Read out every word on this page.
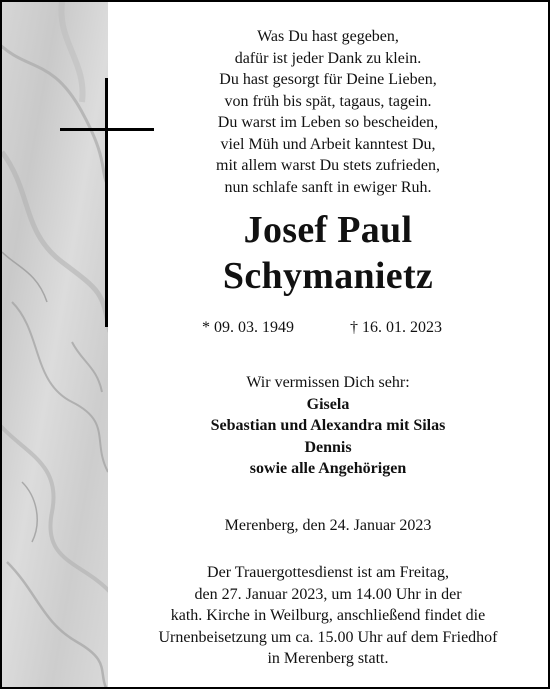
Was Du hast gegeben,
dafür ist jeder Dank zu klein.
Du hast gesorgt für Deine Lieben,
von früh bis spät, tagaus, tagein.
Du warst im Leben so bescheiden,
viel Müh und Arbeit kanntest Du,
mit allem warst Du stets zufrieden,
nun schlafe sanft in ewiger Ruh.
Josef Paul
Schymanietz
* 09. 03. 1949	† 16. 01. 2023
Wir vermissen Dich sehr:
Gisela
Sebastian und Alexandra mit Silas
Dennis
sowie alle Angehörigen
Merenberg, den 24. Januar 2023
Der Trauergottesdienst ist am Freitag,
den 27. Januar 2023, um 14.00 Uhr in der
kath. Kirche in Weilburg, anschließend findet die
Urnenbeisetzung um ca. 15.00 Uhr auf dem Friedhof
in Merenberg statt.
